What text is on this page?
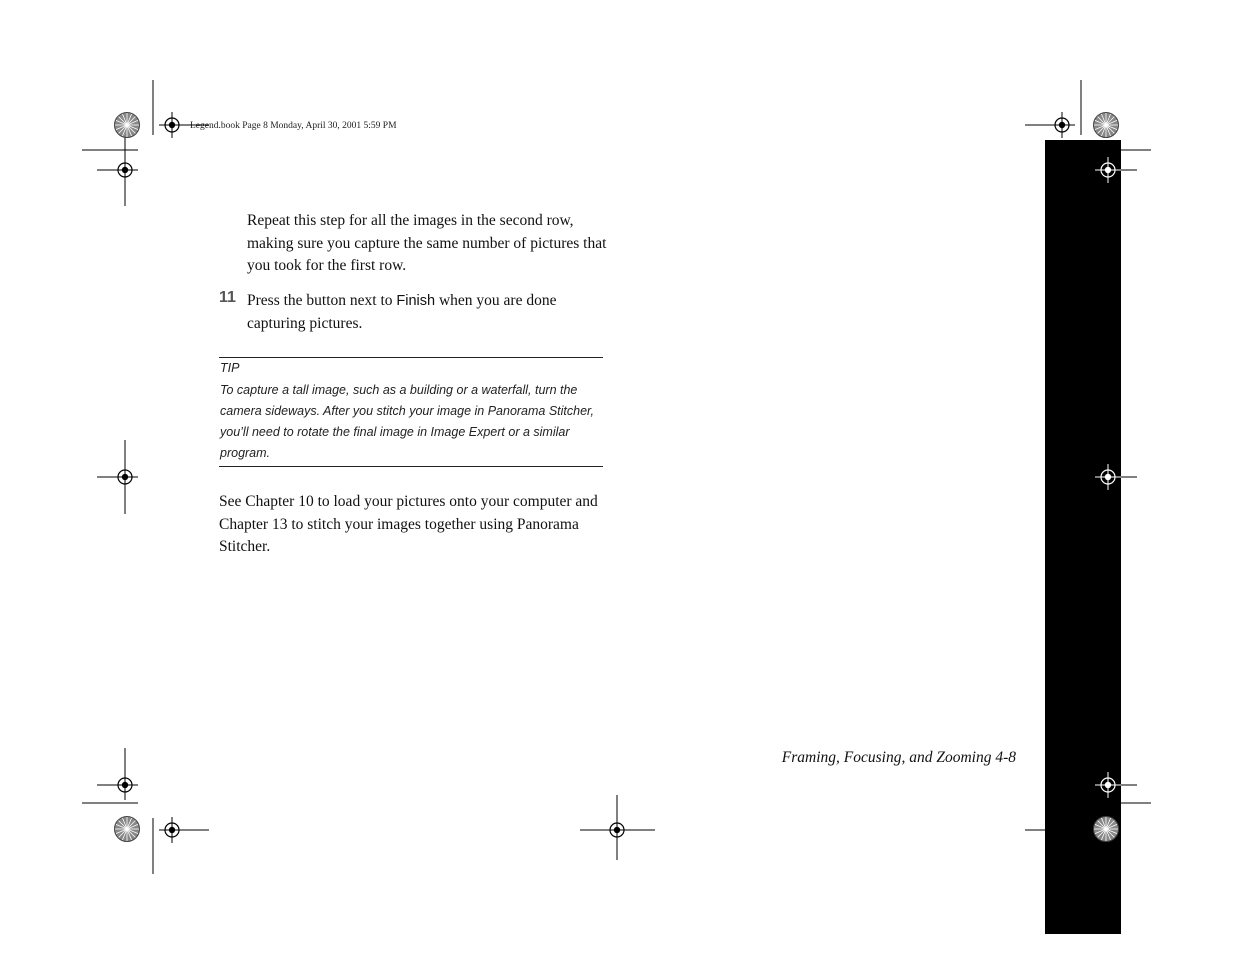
Legend.book Page 8 Monday, April 30, 2001 5:59 PM

Repeat this step for all the images in the second row, making sure you capture the same number of pictures that you took for the first row.

11 Press the button next to Finish when you are done capturing pictures.

TIP

To capture a tall image, such as a building or a waterfall, turn the camera sideways. After you stitch your image in Panorama Stitcher, you’ll need to rotate the final image in Image Expert or a similar program.

See Chapter 10 to load your pictures onto your computer and Chapter 13 to stitch your images together using Panorama Stitcher.

Framing, Focusing, and Zooming 4-8
